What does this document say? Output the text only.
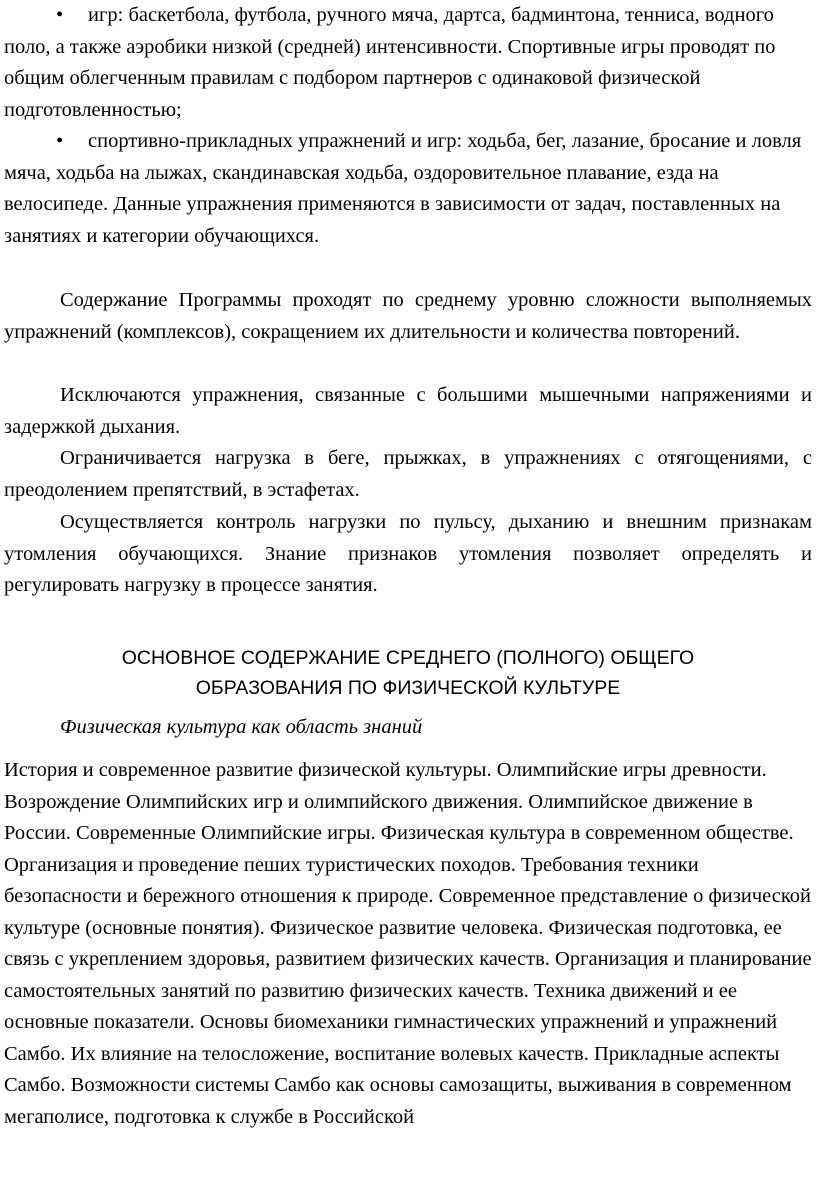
• игр: баскетбола, футбола, ручного мяча, дартса, бадминтона, тенниса, водного поло, а также аэробики низкой (средней) интенсивности. Спортивные игры проводят по общим облегченным правилам с подбором партнеров с одинаковой физической подготовленностью;

• спортивно-прикладных упражнений и игр: ходьба, бег, лазание, бросание и ловля мяча, ходьба на лыжах, скандинавская ходьба, оздоровительное плавание, езда на велосипеде. Данные упражнения применяются в зависимости от задач, поставленных на занятиях и категории обучающихся.

Содержание Программы проходят по среднему уровню сложности выполняемых упражнений (комплексов), сокращением их длительности и количества повторений.

Исключаются упражнения, связанные с большими мышечными напряжениями и задержкой дыхания.

Ограничивается нагрузка в беге, прыжках, в упражнениях с отягощениями, с преодолением препятствий, в эстафетах.

Осуществляется контроль нагрузки по пульсу, дыханию и внешним признакам утомления обучающихся. Знание признаков утомления позволяет определять и регулировать нагрузку в процессе занятия.

ОСНОВНОЕ СОДЕРЖАНИЕ СРЕДНЕГО (ПОЛНОГО) ОБЩЕГО
ОБРАЗОВАНИЯ ПО ФИЗИЧЕСКОЙ КУЛЬТУРЕ

Физическая культура как область знаний

История и современное развитие физической культуры. Олимпийские игры древности. Возрождение Олимпийских игр и олимпийского движения. Олимпийское движение в России. Современные Олимпийские игры. Физическая культура в современном обществе. Организация и проведение пеших туристических походов. Требования техники безопасности и бережного отношения к природе. Современное представление о физической культуре (основные понятия). Физическое развитие человека. Физическая подготовка, ее связь с укреплением здоровья, развитием физических качеств. Организация и планирование самостоятельных занятий по развитию физических качеств. Техника движений и ее основные показатели. Основы биомеханики гимнастических упражнений и упражнений Самбо. Их влияние на телосложение, воспитание волевых качеств. Прикладные аспекты Самбо. Возможности системы Самбо как основы самозащиты, выживания в современном мегаполисе, подготовка к службе в Российской
